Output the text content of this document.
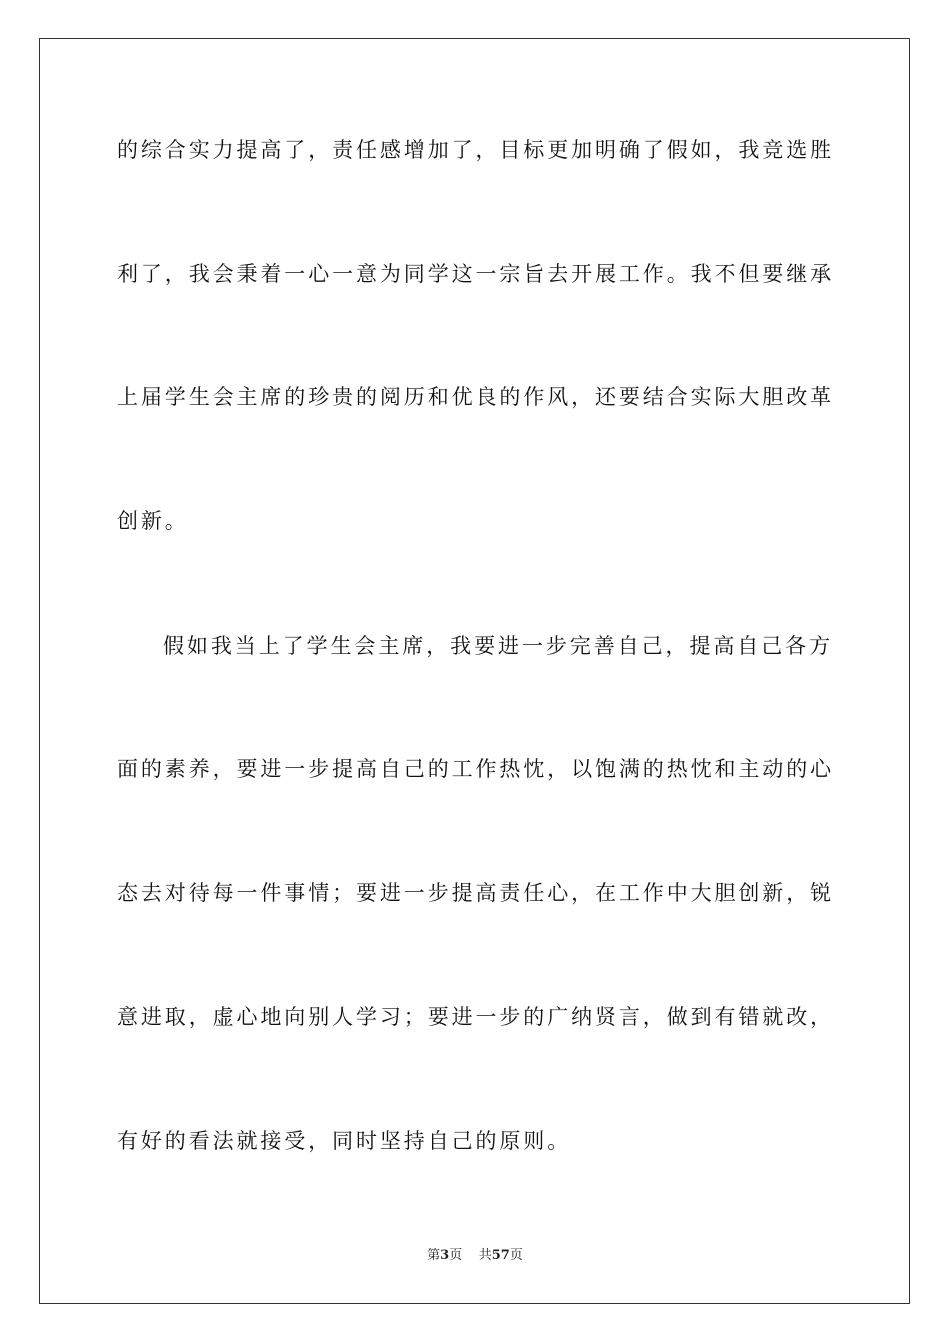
的综合实力提高了，责任感增加了，目标更加明确了假如，我竞选胜
利了，我会秉着一心一意为同学这一宗旨去开展工作。我不但要继承
上届学生会主席的珍贵的阅历和优良的作风，还要结合实际大胆改革
创新。
假如我当上了学生会主席，我要进一步完善自己，提高自己各方
面的素养，要进一步提高自己的工作热忱，以饱满的热忱和主动的心
态去对待每一件事情；要进一步提高责任心，在工作中大胆创新，锐
意进取，虚心地向别人学习；要进一步的广纳贤言，做到有错就改，
有好的看法就接受，同时坚持自己的原则。
第3页 共57页
